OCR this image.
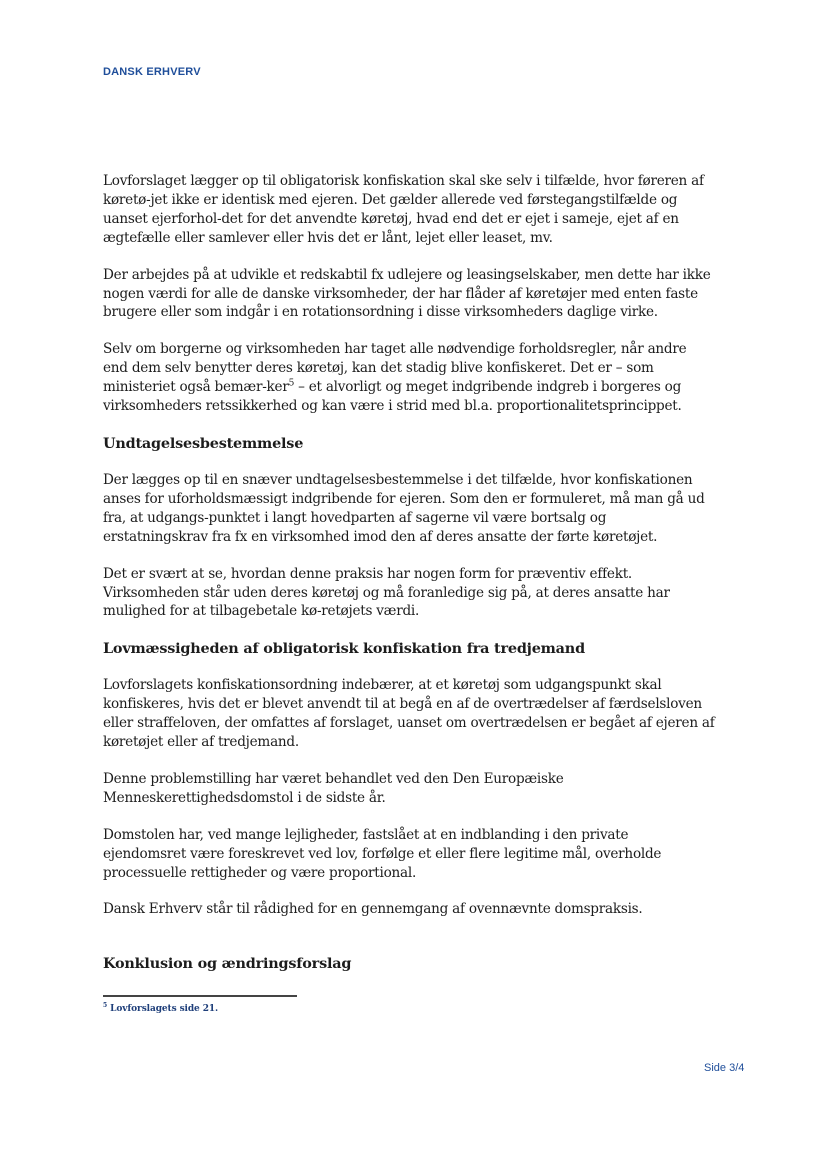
DANSK ERHVERV

Lovforslaget lægger op til obligatorisk konfiskation skal ske selv i tilfælde, hvor føreren af køretø-jet ikke er identisk med ejeren. Det gælder allerede ved førstegangstilfælde og uanset ejerforhol-det for det anvendte køretøj, hvad end det er ejet i sameje, ejet af en ægtefælle eller samlever eller hvis det er lånt, lejet eller leaset, mv.

Der arbejdes på at udvikle et redskabtil fx udlejere og leasingselskaber, men dette har ikke nogen værdi for alle de danske virksomheder, der har flåder af køretøjer med enten faste brugere eller som indgår i en rotationsordning i disse virksomheders daglige virke.

Selv om borgerne og virksomheden har taget alle nødvendige forholdsregler, når andre end dem selv benytter deres køretøj, kan det stadig blive konfiskeret. Det er – som ministeriet også bemær-ker$^5$ – et alvorligt og meget indgribende indgreb i borgeres og virksomheders retssikkerhed og kan være i strid med bl.a. proportionalitetsprincippet.

Undtagelsesbestemmelse

Der lægges op til en snæver undtagelsesbestemmelse i det tilfælde, hvor konfiskationen anses for uforholdsmæssigt indgribende for ejeren. Som den er formuleret, må man gå ud fra, at udgangs-punktet i langt hovedparten af sagerne vil være bortsalg og erstatningskrav fra fx en virksomhed imod den af deres ansatte der førte køretøjet.

Det er svært at se, hvordan denne praksis har nogen form for præventiv effekt. Virksomheden står uden deres køretøj og må foranledige sig på, at deres ansatte har mulighed for at tilbagebetale kø-retøjets værdi.

Lovmæssigheden af obligatorisk konfiskation fra tredjemand

Lovforslagets konfiskationsordning indebærer, at et køretøj som udgangspunkt skal konfiskeres, hvis det er blevet anvendt til at begå en af de overtrædelser af færdselsloven eller straffeloven, der omfattes af forslaget, uanset om overtrædelsen er begået af ejeren af køretøjet eller af tredjemand.

Denne problemstilling har været behandlet ved den Den Europæiske Menneskerettighedsdomstol i de sidste år.

Domstolen har, ved mange lejligheder, fastslået at en indblanding i den private ejendomsret være foreskrevet ved lov, forfølge et eller flere legitime mål, overholde processuelle rettigheder og være proportional.

Dansk Erhverv står til rådighed for en gennemgang af ovennævnte domspraksis.

Konklusion og ændringsforslag
$^5$ Lovforslagets side 21.
Side 3/4
